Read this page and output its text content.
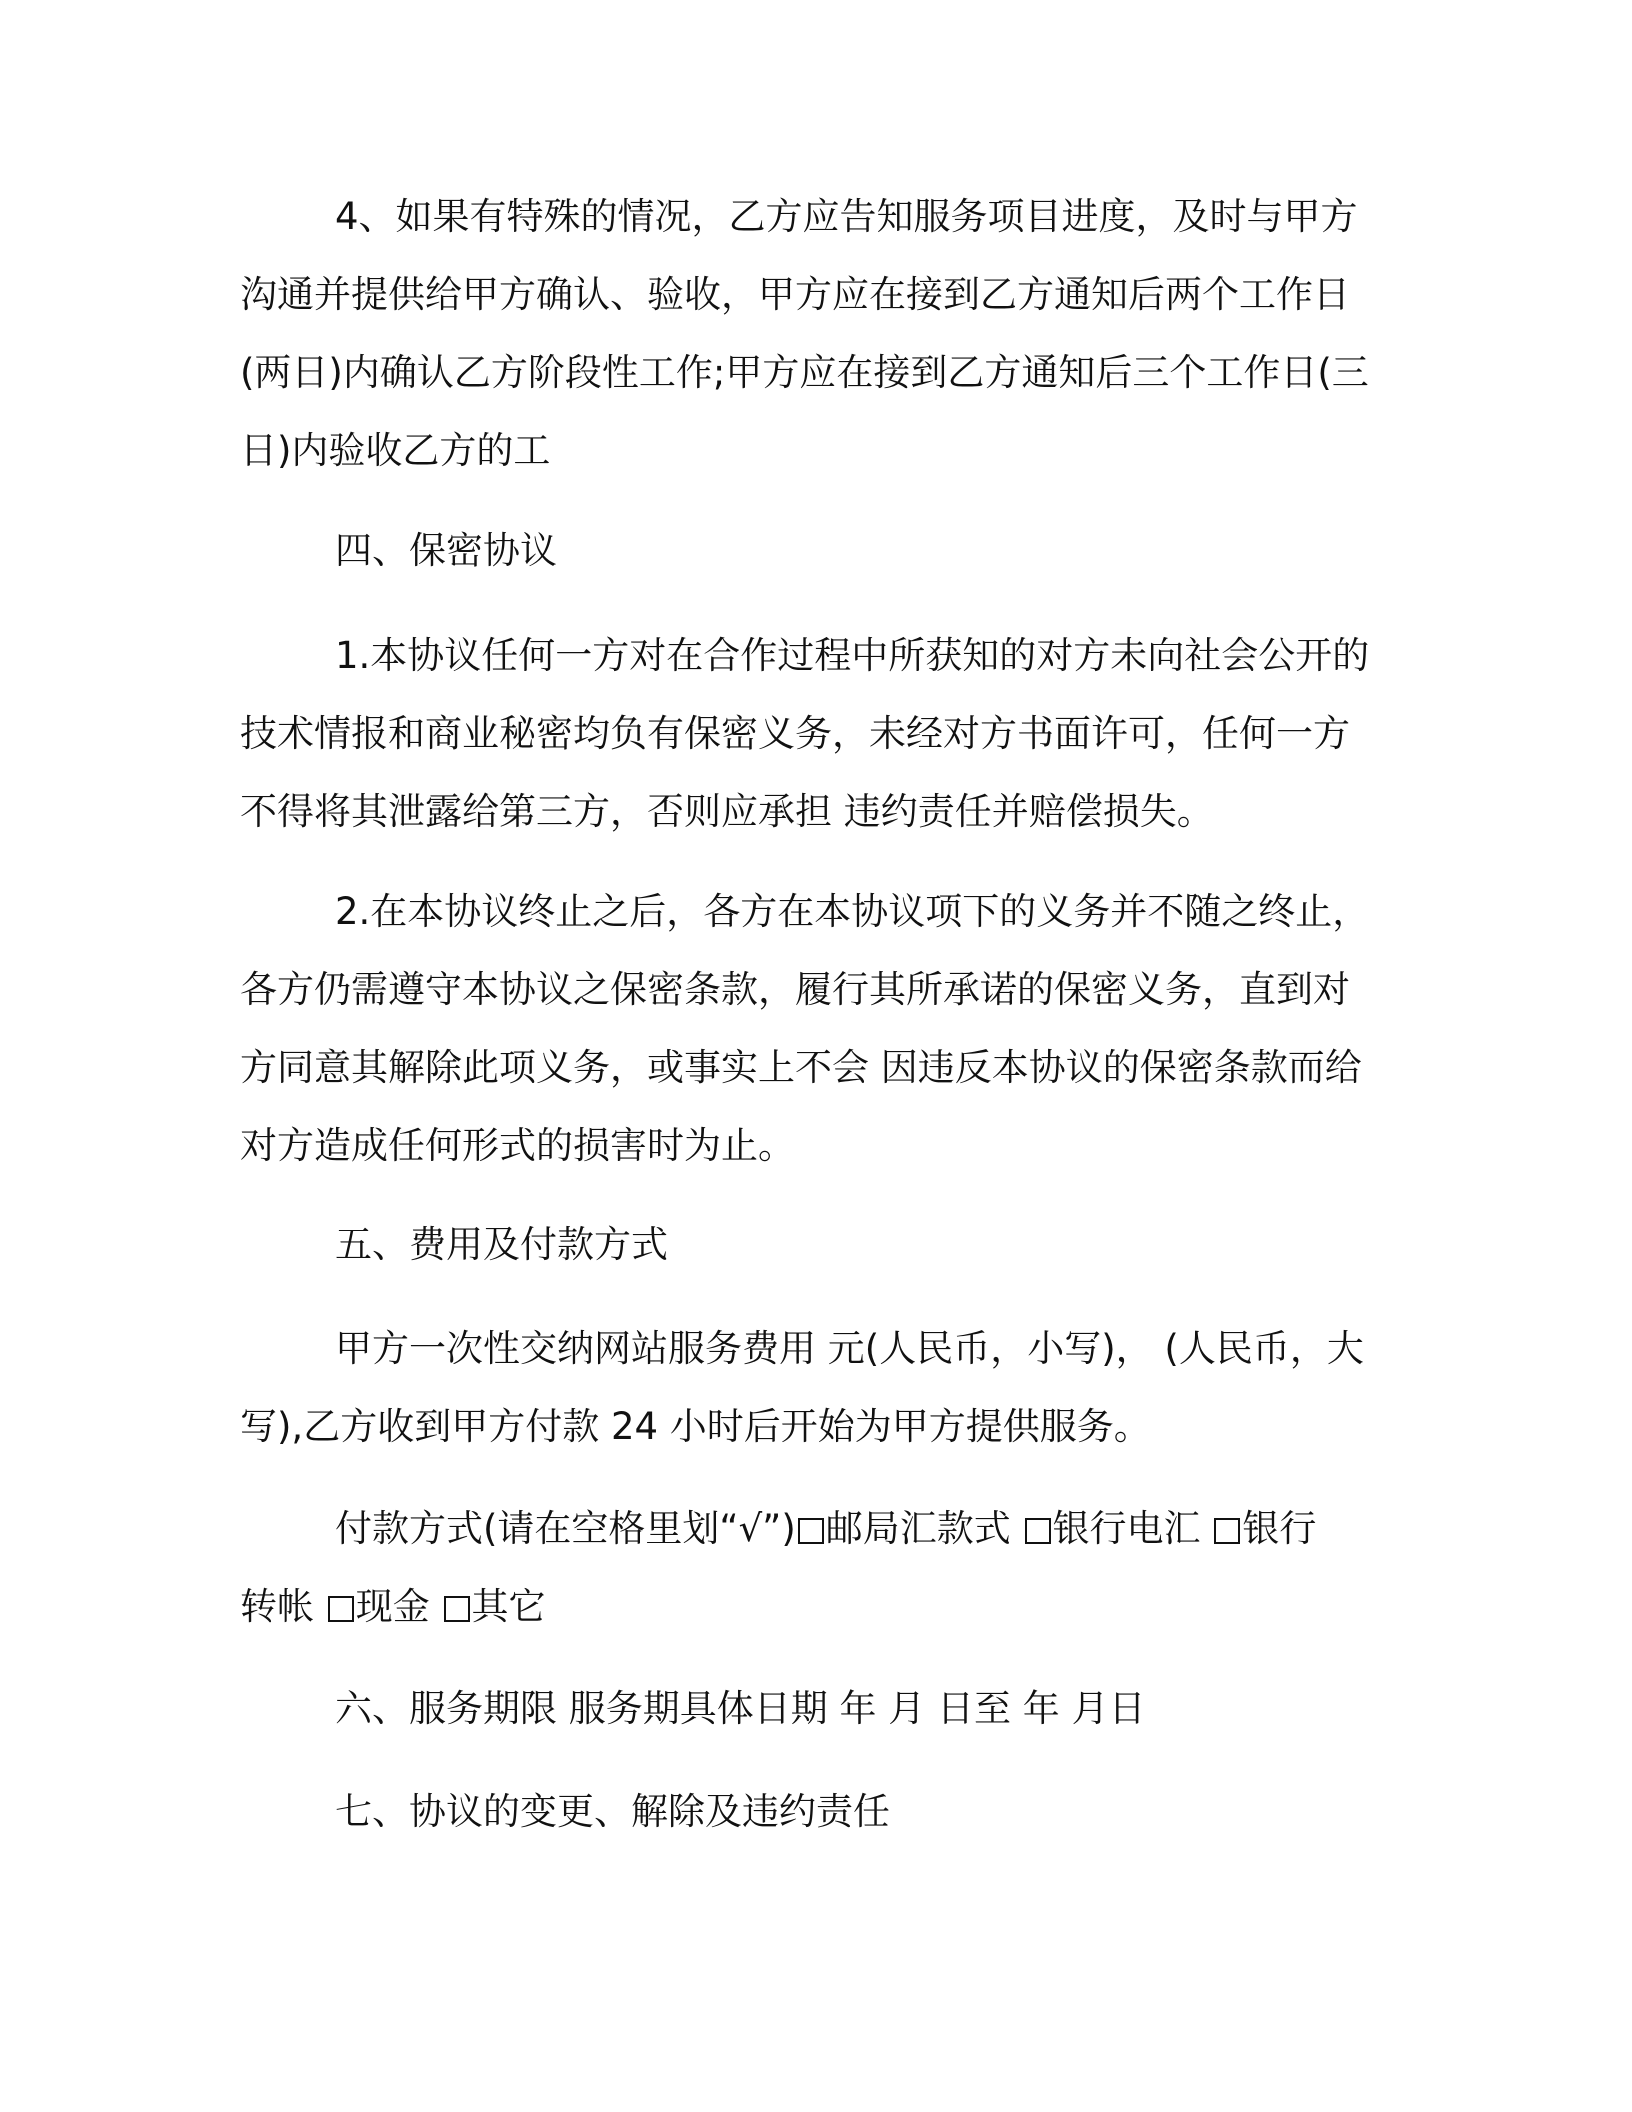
4、如果有特殊的情况，乙方应告知服务项目进度，及时与甲方
沟通并提供给甲方确认、验收，甲方应在接到乙方通知后两个工作日
(两日)内确认乙方阶段性工作;甲方应在接到乙方通知后三个工作日(三
日)内验收乙方的工
四、保密协议
1.本协议任何一方对在合作过程中所获知的对方未向社会公开的
技术情报和商业秘密均负有保密义务，未经对方书面许可，任何一方
不得将其泄露给第三方，否则应承担 违约责任并赔偿损失。
2.在本协议终止之后，各方在本协议项下的义务并不随之终止，
各方仍需遵守本协议之保密条款，履行其所承诺的保密义务，直到对
方同意其解除此项义务，或事实上不会 因违反本协议的保密条款而给
对方造成任何形式的损害时为止。
五、费用及付款方式
甲方一次性交纳网站服务费用 元(人民币，小写)， (人民币，大
写),乙方收到甲方付款 24 小时后开始为甲方提供服务。
付款方式(请在空格里划“√”) 邮局汇款式 银行电汇 银行
转帐 现金 其它
六、服务期限 服务期具体日期 年 月 日至 年 月日
七、协议的变更、解除及违约责任
